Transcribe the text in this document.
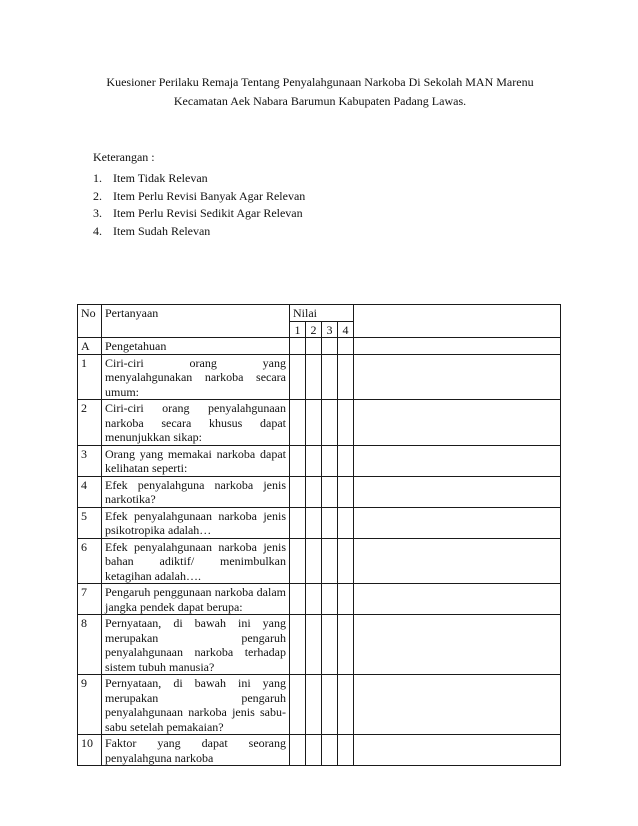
Kuesioner Perilaku Remaja Tentang Penyalahgunaan Narkoba Di Sekolah MAN Marenu
Kecamatan Aek Nabara Barumun Kabupaten Padang Lawas.
Keterangan :
1. Item Tidak Relevan
2. Item Perlu Revisi Banyak Agar Relevan
3. Item Perlu Revisi Sedikit Agar Relevan
4. Item Sudah Relevan
No	Pertanyaan	Nilai				
		1	2	3	4	
A	Pengetahuan					
1	Ciri-ciri orang yang menyalahgunakan narkoba secara umum:					
2	Ciri-ciri orang penyalahgunaan narkoba secara khusus dapat menunjukkan sikap:					
3	Orang yang memakai narkoba dapat kelihatan seperti:					
4	Efek penyalahguna narkoba jenis narkotika?					
5	Efek penyalahgunaan narkoba jenis psikotropika adalah…					
6	Efek penyalahgunaan narkoba jenis bahan adiktif/ menimbulkan ketagihan adalah….					
7	Pengaruh penggunaan narkoba dalam jangka pendek dapat berupa:					
8	Pernyataan, di bawah ini yang merupakan pengaruh penyalahgunaan narkoba terhadap sistem tubuh manusia?					
9	Pernyataan, di bawah ini yang merupakan pengaruh penyalahgunaan narkoba jenis sabu-sabu setelah pemakaian?					
10	Faktor yang dapat seorang penyalahguna narkoba					
